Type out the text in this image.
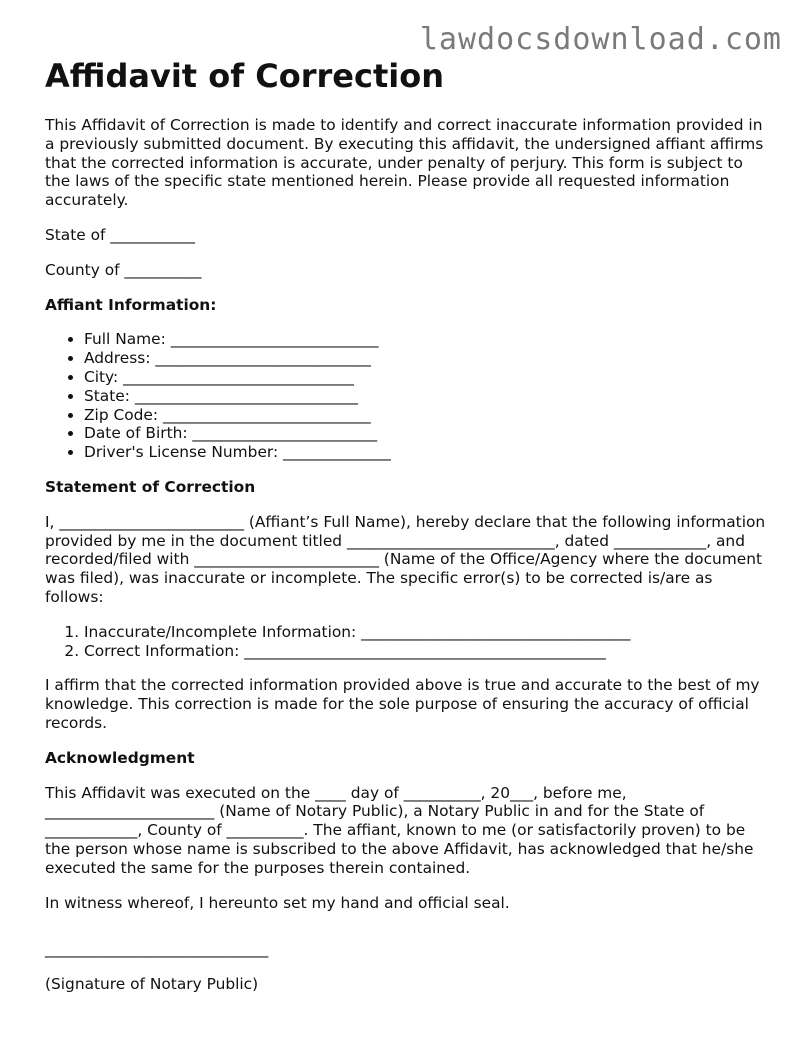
lawdocsdownload.com
Affidavit of Correction

This Affidavit of Correction is made to identify and correct inaccurate information provided in a previously submitted document. By executing this affidavit, the undersigned affiant affirms that the corrected information is accurate, under penalty of perjury. This form is subject to the laws of the specific state mentioned herein. Please provide all requested information accurately.

State of ___________

County of __________

Affiant Information:

• Full Name: ___________________________
• Address: ____________________________
• City: ______________________________
• State: _____________________________
• Zip Code: ___________________________
• Date of Birth: ________________________
• Driver's License Number: ______________

Statement of Correction

I, ________________________ (Affiant’s Full Name), hereby declare that the following information provided by me in the document titled ___________________________, dated ____________, and recorded/filed with ________________________ (Name of the Office/Agency where the document was filed), was inaccurate or incomplete. The specific error(s) to be corrected is/are as follows:

1. Inaccurate/Incomplete Information: ___________________________________
2. Correct Information: _______________________________________________

I affirm that the corrected information provided above is true and accurate to the best of my knowledge. This correction is made for the sole purpose of ensuring the accuracy of official records.

Acknowledgment

This Affidavit was executed on the ____ day of __________, 20___, before me, ______________________ (Name of Notary Public), a Notary Public in and for the State of ____________, County of __________. The affiant, known to me (or satisfactorily proven) to be the person whose name is subscribed to the above Affidavit, has acknowledged that he/she executed the same for the purposes therein contained.

In witness whereof, I hereunto set my hand and official seal.

_____________________________

(Signature of Notary Public)
